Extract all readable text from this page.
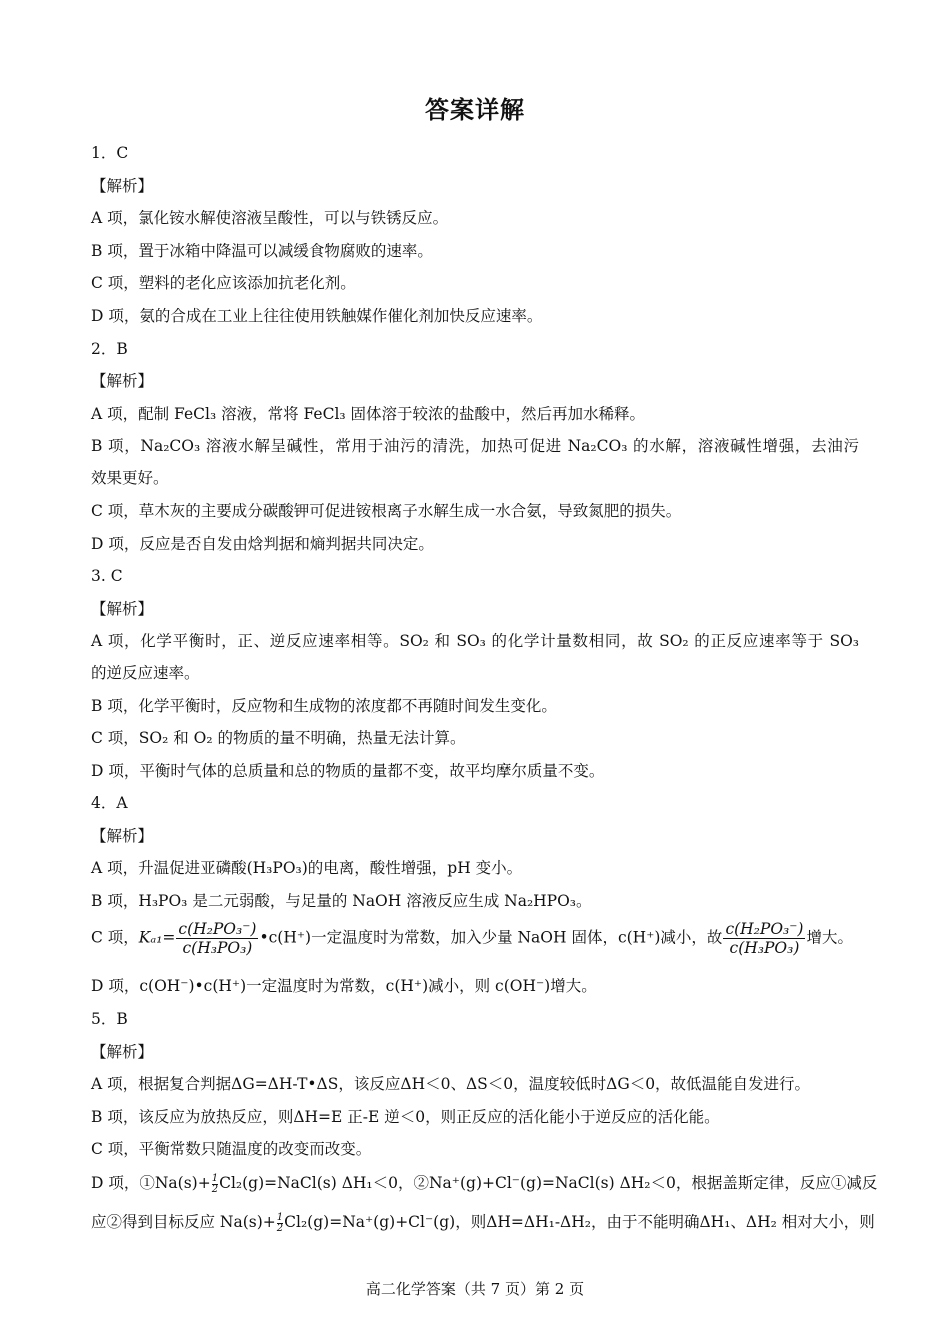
答案详解
1．C
【解析】
A 项，氯化铵水解使溶液呈酸性，可以与铁锈反应。
B 项，置于冰箱中降温可以减缓食物腐败的速率。
C 项，塑料的老化应该添加抗老化剂。
D 项，氨的合成在工业上往往使用铁触媒作催化剂加快反应速率。
2．B
【解析】
A 项，配制 FeCl₃ 溶液，常将 FeCl₃ 固体溶于较浓的盐酸中，然后再加水稀释。
B 项，Na₂CO₃ 溶液水解呈碱性，常用于油污的清洗，加热可促进 Na₂CO₃ 的水解，溶液碱性增强，去油污
效果更好。
C 项，草木灰的主要成分碳酸钾可促进铵根离子水解生成一水合氨，导致氮肥的损失。
D 项，反应是否自发由焓判据和熵判据共同决定。
3. C
【解析】
A 项，化学平衡时，正、逆反应速率相等。SO₂ 和 SO₃ 的化学计量数相同，故 SO₂ 的正反应速率等于 SO₃
的逆反应速率。
B 项，化学平衡时，反应物和生成物的浓度都不再随时间发生变化。
C 项，SO₂ 和 O₂ 的物质的量不明确，热量无法计算。
D 项，平衡时气体的总质量和总的物质的量都不变，故平均摩尔质量不变。
4．A
【解析】
A 项，升温促进亚磷酸(H₃PO₃)的电离，酸性增强，pH 变小。
B 项，H₃PO₃ 是二元弱酸，与足量的 NaOH 溶液反应生成 Na₂HPO₃。
C 项，$K_{a1}= \frac{\text{c(H₂PO₃⁻)}}{\text{c(H₃PO₃)}}$ •c(H⁺)一定温度时为常数，加入少量 NaOH 固体，c(H⁺)减小，故 $\frac{\text{c(H₂PO₃⁻)}}{\text{c(H₃PO₃)}}$ 增大。
D 项，c(OH⁻)•c(H⁺)一定温度时为常数，c(H⁺)减小，则 c(OH⁻)增大。
5．B
【解析】
A 项，根据复合判据ΔG=ΔH-T•ΔS，该反应ΔH＜0、ΔS＜0，温度较低时ΔG＜0，故低温能自发进行。
B 项，该反应为放热反应，则ΔH=E 正-E 逆＜0，则正反应的活化能小于逆反应的活化能。
C 项，平衡常数只随温度的改变而改变。
D 项，①Na(s)+ $\frac{1}{2}$ Cl₂(g)=NaCl(s) ΔH₁＜0，②Na⁺(g)+Cl⁻(g)=NaCl(s) ΔH₂＜0，根据盖斯定律，反应①减反
应②得到目标反应 $Na(s)+ \frac{1}{2} Cl_2(g)=Na^+(g)+Cl^-(g)$，则ΔH=ΔH₁-ΔH₂，由于不能明确ΔH₁、ΔH₂ 相对大小，则
高二化学答案（共 7 页）第 2 页
